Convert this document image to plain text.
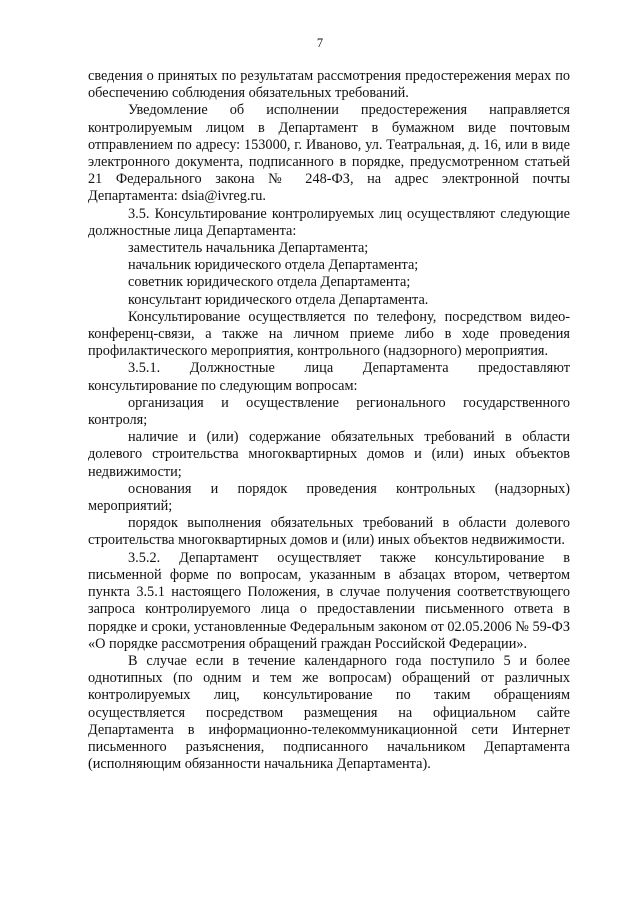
7

сведения о принятых по результатам рассмотрения предостережения мерах по обеспечению соблюдения обязательных требований.

Уведомление об исполнении предостережения направляется контролируемым лицом в Департамент в бумажном виде почтовым отправлением по адресу: 153000, г. Иваново, ул. Театральная, д. 16, или в виде электронного документа, подписанного в порядке, предусмотренном статьей 21 Федерального закона № 248-ФЗ, на адрес электронной почты Департамента: dsia@ivreg.ru.

3.5. Консультирование контролируемых лиц осуществляют следующие должностные лица Департамента:

заместитель начальника Департамента;

начальник юридического отдела Департамента;

советник юридического отдела Департамента;

консультант юридического отдела Департамента.

Консультирование осуществляется по телефону, посредством видео-конференц-связи, а также на личном приеме либо в ходе проведения профилактического мероприятия, контрольного (надзорного) мероприятия.

3.5.1. Должностные лица Департамента предоставляют консультирование по следующим вопросам:

организация и осуществление регионального государственного контроля;

наличие и (или) содержание обязательных требований в области долевого строительства многоквартирных домов и (или) иных объектов недвижимости;

основания и порядок проведения контрольных (надзорных) мероприятий;

порядок выполнения обязательных требований в области долевого строительства многоквартирных домов и (или) иных объектов недвижимости.

3.5.2. Департамент осуществляет также консультирование в письменной форме по вопросам, указанным в абзацах втором, четвертом пункта 3.5.1 настоящего Положения, в случае получения соответствующего запроса контролируемого лица о предоставлении письменного ответа в порядке и сроки, установленные Федеральным законом от 02.05.2006 № 59-ФЗ «О порядке рассмотрения обращений граждан Российской Федерации».

В случае если в течение календарного года поступило 5 и более однотипных (по одним и тем же вопросам) обращений от различных контролируемых лиц, консультирование по таким обращениям осуществляется посредством размещения на официальном сайте Департамента в информационно-телекоммуникационной сети Интернет письменного разъяснения, подписанного начальником Департамента (исполняющим обязанности начальника Департамента).
